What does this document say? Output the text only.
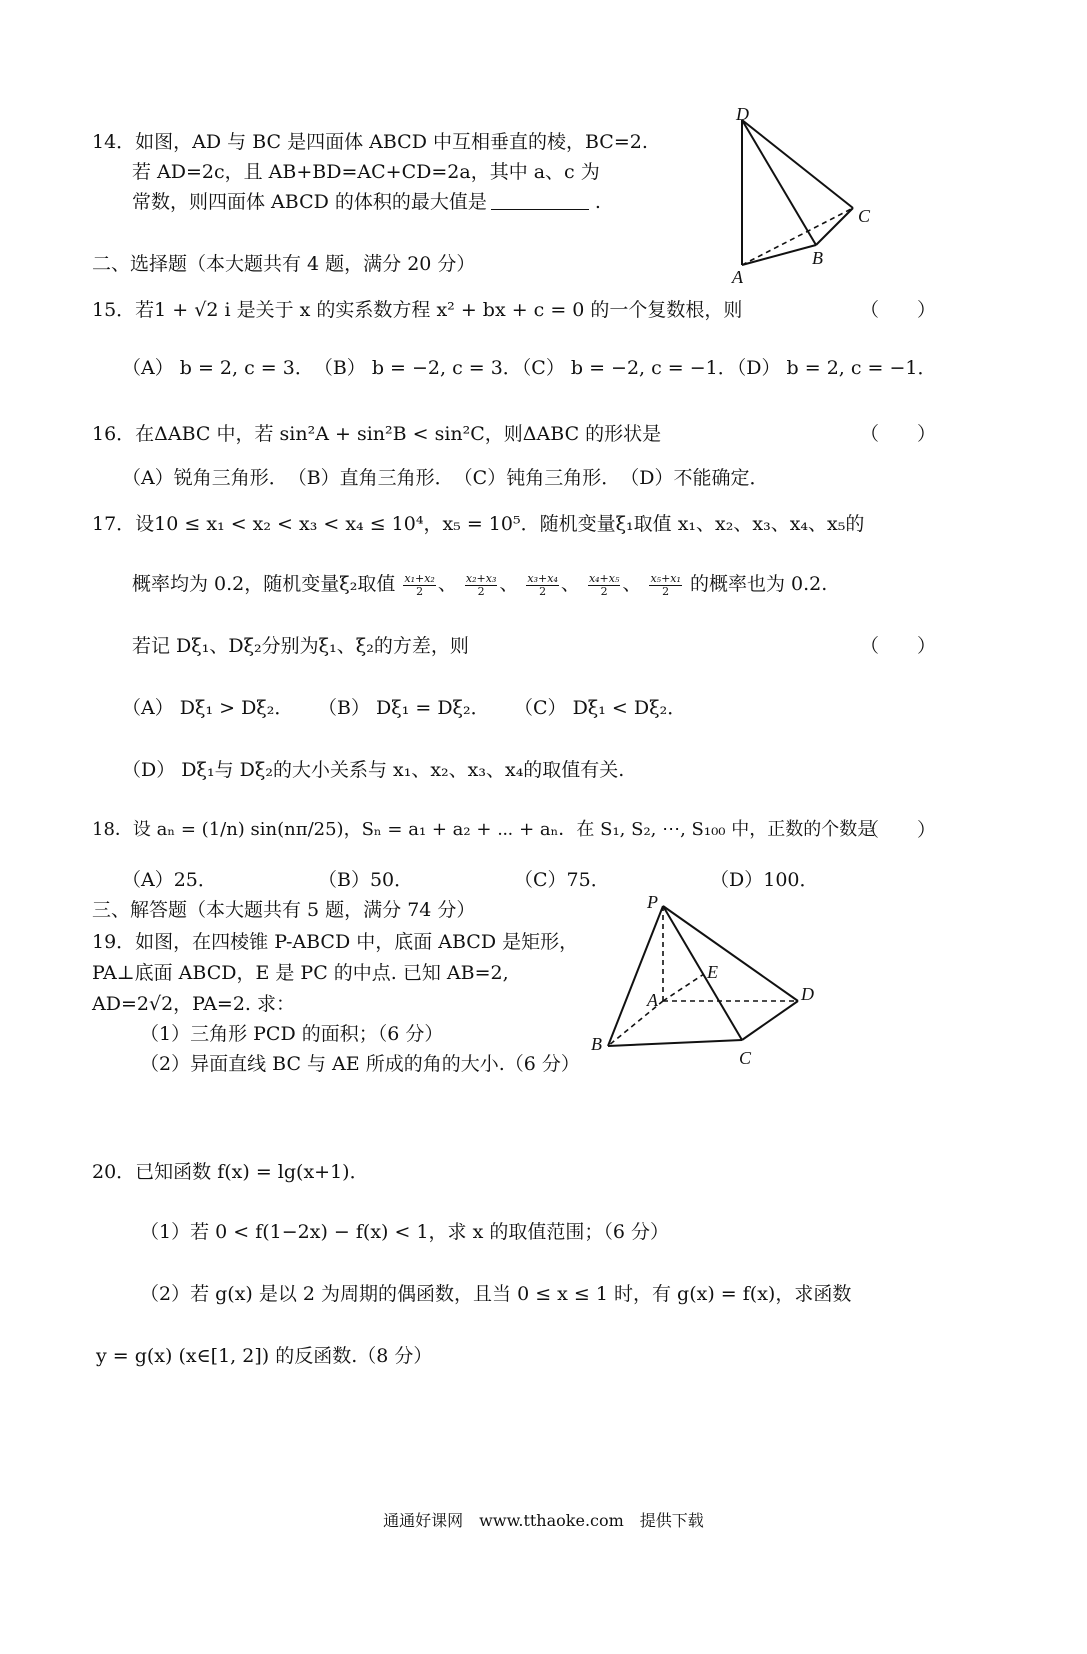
14．如图，AD 与 BC 是四面体 ABCD 中互相垂直的棱，BC=2.
若 AD=2c，且 AB+BD=AC+CD=2a，其中 a、c 为
常数，则四面体 ABCD 的体积的最大值是	.
D
C
B
A
二、选择题（本大题共有 4 题，满分 20 分）
15．若1 + √2 i 是关于 x 的实系数方程 x² + bx + c = 0 的一个复数根，则	（　　）
（A） b = 2, c = 3．　（B） b = −2, c = 3．（C） b = −2, c = −1．（D） b = 2, c = −1．
16．在ΔABC 中，若 sin²A + sin²B < sin²C，则ΔABC 的形状是	（　　）
（A）锐角三角形．　（B）直角三角形．　（C）钝角三角形．　（D）不能确定．
17．设10 ≤ x₁ < x₂ < x₃ < x₄ ≤ 10⁴，x₅ = 10⁵．随机变量ξ₁取值 x₁、x₂、x₃、x₄、x₅的
概率均为 0.2，随机变量ξ₂取值 $\frac{\text{x₁+x₂}}{2}$ 、 $\frac{\text{x₂+x₃}}{2}$ 、 $\frac{\text{x₃+x₄}}{2}$ 、 $\frac{\text{x₄+x₅}}{2}$ 、 $\frac{\text{x₅+x₁}}{2}$ 的概率也为 0.2.
若记 Dξ₁、Dξ₂分别为ξ₁、ξ₂的方差，则	（　　）
（A） Dξ₁ > Dξ₂． （B） Dξ₁ = Dξ₂． （C） Dξ₁ < Dξ₂．
（D） Dξ₁与 Dξ₂的大小关系与 x₁、x₂、x₃、x₄的取值有关.
18．设 aₙ = (1/n) sin(nπ/25)，Sₙ = a₁ + a₂ + ⋯ + aₙ．在 S₁, S₂, ⋯, S₁₀₀ 中，正数的个数是
（　　）
（A）25．	（B）50．	（C）75．	（D）100．
三、解答题（本大题共有 5 题，满分 74 分）
19．如图，在四棱锥 P-ABCD 中，底面 ABCD 是矩形，
PA⊥底面 ABCD，E 是 PC 的中点. 已知 AB=2,
AD=2√2，PA=2. 求：
（1）三角形 PCD 的面积；（6 分）
（2）异面直线 BC 与 AE 所成的角的大小.（6 分）
P
E
A	D
B
C
20．已知函数 f(x) = lg(x+1)．
（1）若 0 < f(1−2x) − f(x) < 1，求 x 的取值范围；（6 分）
（2）若 g(x) 是以 2 为周期的偶函数，且当 0 ≤ x ≤ 1 时，有 g(x) = f(x)，求函数
y = g(x) (x∈[1, 2]) 的反函数.（8 分）
通通好课网　www.tthaoke.com　提供下载
